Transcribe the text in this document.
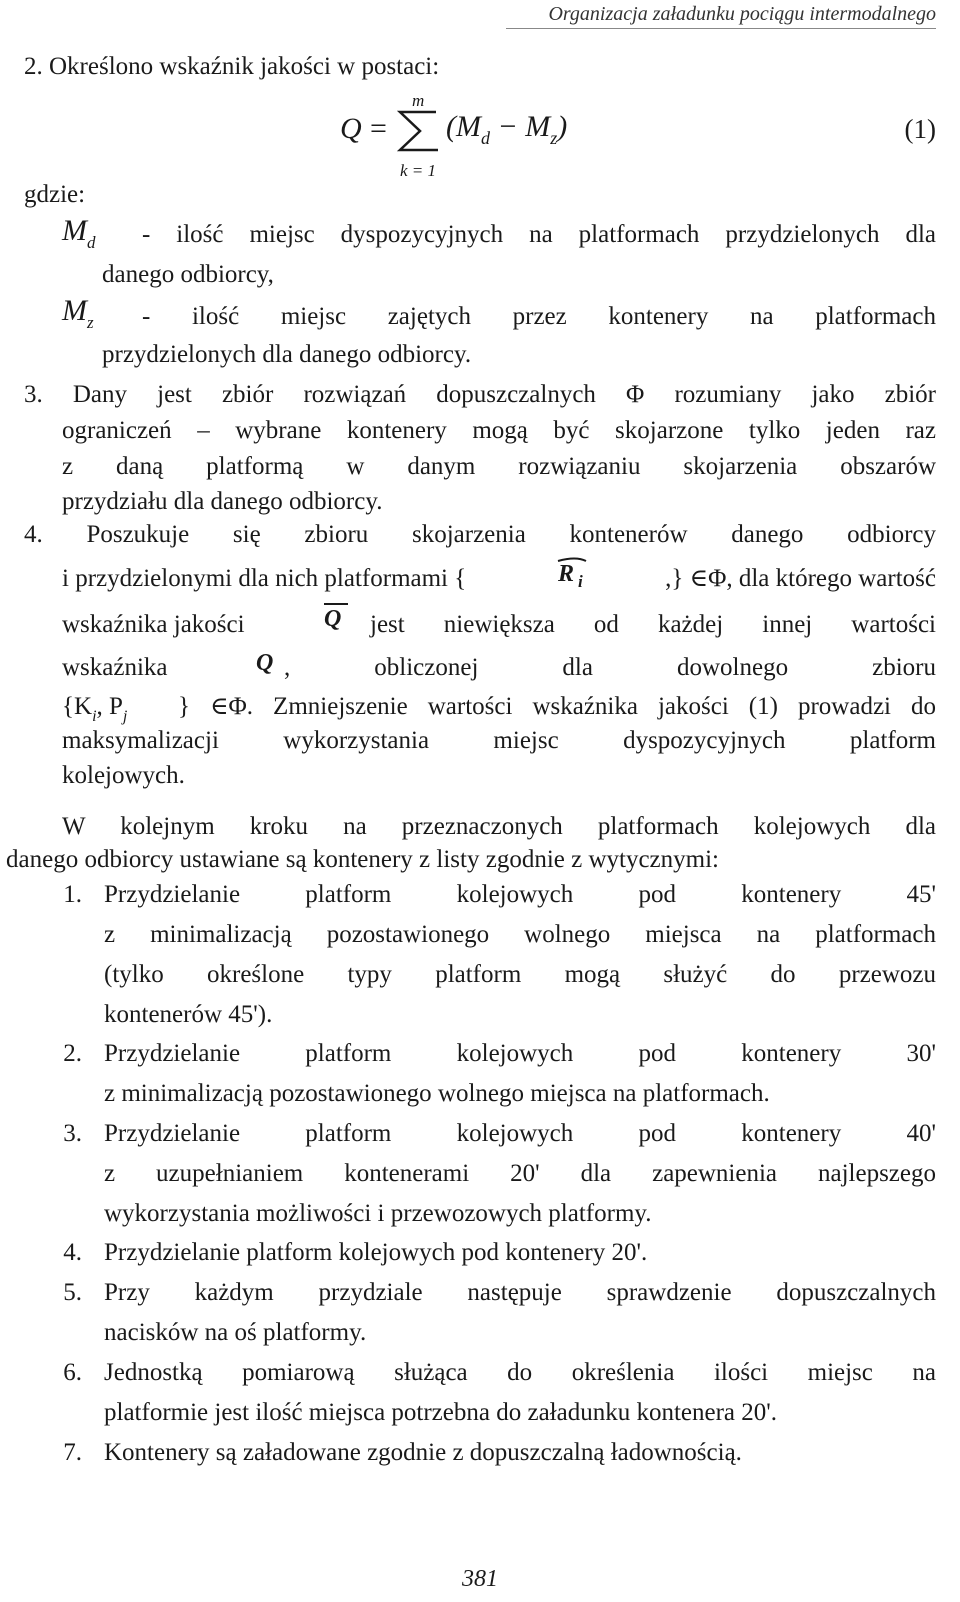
Organizacja załadunku pociągu intermodalnego
2. Określono wskaźnik jakości w postaci:
Q =
m
k = 1
$(M_d - M_z)$	(1)
gdzie:
$M_d$ - ilość miejsc dyspozycyjnych na platformach przydzielonych dla
danego odbiorcy,
$M_z$ - ilość miejsc zajętych przez kontenery na platformach
przydzielonych dla danego odbiorcy.
3. Dany jest zbiór rozwiązań dopuszczalnych Φ rozumiany jako zbiór
ograniczeń – wybrane kontenery mogą być skojarzone tylko jeden raz
z daną platformą w danym rozwiązaniu skojarzenia obszarów
przydziału dla danego odbiorcy.
4. Poszukuje się zbioru skojarzenia kontenerów danego odbiorcy
i przydzielonymi dla nich platformami {	R i	,} ∈Φ, dla którego wartość
wskaźnika jakości	Q jest niewiększa od każdej innej wartości
wskaźnika	Q , obliczonej dla dowolnego zbioru
{$K_i$, $P_j$ } ∈Φ. Zmniejszenie wartości wskaźnika jakości (1) prowadzi do
maksymalizacji wykorzystania miejsc dyspozycyjnych platform
kolejowych.
W kolejnym kroku na przeznaczonych platformach kolejowych dla
danego odbiorcy ustawiane są kontenery z listy zgodnie z wytycznymi:
1. Przydzielanie platform kolejowych pod kontenery 45'
z minimalizacją pozostawionego wolnego miejsca na platformach
(tylko określone typy platform mogą służyć do przewozu
kontenerów 45').
2. Przydzielanie platform kolejowych pod kontenery 30'
z minimalizacją pozostawionego wolnego miejsca na platformach.
3. Przydzielanie platform kolejowych pod kontenery 40'
z uzupełnianiem kontenerami 20' dla zapewnienia najlepszego
wykorzystania możliwości i przewozowych platformy.
4. Przydzielanie platform kolejowych pod kontenery 20'.
5. Przy każdym przydziale następuje sprawdzenie dopuszczalnych
nacisków na oś platformy.
6. Jednostką pomiarową służąca do określenia ilości miejsc na
platformie jest ilość miejsca potrzebna do załadunku kontenera 20'.
7. Kontenery są załadowane zgodnie z dopuszczalną ładownością.
381
